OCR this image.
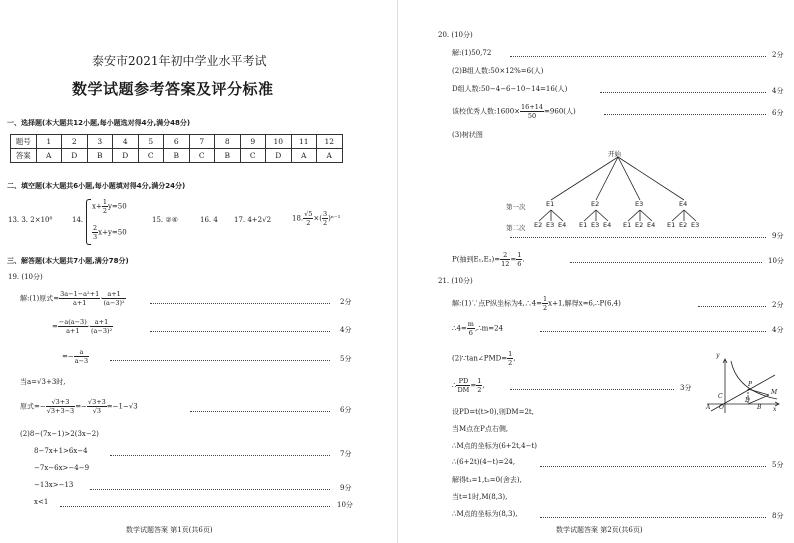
泰安市2021年初中学业水平考试
数学试题参考答案及评分标准
一、选择题(本大题共12小题,每小题选对得4分,满分48分)
题号	1	2	3	4	5	6	7	8	9	10	11	12
答案	A	D	B	D	C	B	C	B	C	D	A	A
二、填空题(本大题共6小题,每小题填对得4分,满分24分)
13. 3. 2×10⁸	14.
$x+ \frac{1}{2} y=50$
$\frac{2}{3} x+y=50$
15. ②④	16. 4 17. 4+2√2	18. $\frac{√5}{2}$ ×( $\frac{3}{2} )^{n-1}$
三、解答题(本大题共7小题,满分78分)
19. (10分)
解:(1)原式= $\frac{\text{3a−1−a²+1}}{a+1} \cdot \frac{a+1}{\text{(a−3)²}}$	2分
= $\frac{-a(a-3)}{a+1} \cdot \frac{a+1}{\text{(a−3)²}}$	4分
=− $\frac{a}{a-3}$	5分
当a=√3+3时,
原式=− $\frac{√3+3}{√3+3-3} =- \frac{√3+3}{√3} =-1-√3$	6分
(2)8−(7x−1)>2(3x−2)
8−7x+1>6x−4	7分
−7x−6x>−4−9
−13x>−13	9分
x<1	10分
数学试题答案 第1页(共6页)
20. (10分)
解:(1)50,72	2分
(2)B组人数:50×12%=6(人)
D组人数:50−4−6−10−14=16(人)	4分
该校优秀人数:1600× $\frac{16+14}{50} =960$(人)	6分
(3)树状图
开始
第一次
第二次
E1	E2	E3	E4
E2 E3 E4 E1 E3 E4 E1 E2 E4 E1 E2 E3
9分
P(抽到$E_1,E_2)= \frac{2}{12} = \frac{1}{6}$ .	10分
21. (10分)
解:(1)∵点P纵坐标为4,∴4= $\frac{1}{2} x+1$,解得x=6,∴P(6,4)	2分
∴4= $\frac{m}{6}$ ,∴m=24	4分
(2)∵tan∠PMD= $\frac{1}{2}$ ,
∴ $\frac{PD}{DM} = \frac{1}{2}$ ,	3分
y
x
P
M
C
O
A	B
D
设PD=t(t>0),则DM=2t,
当M点在P点右侧,
∴M点的坐标为(6+2t,4−t)
∴(6+2t)(4−t)=24,	5分
解得t₁=1,t₂=0(舍去),
当t=1时,M(8,3),
∴M点的坐标为(8,3),	8分
数学试题答案 第2页(共6页)
